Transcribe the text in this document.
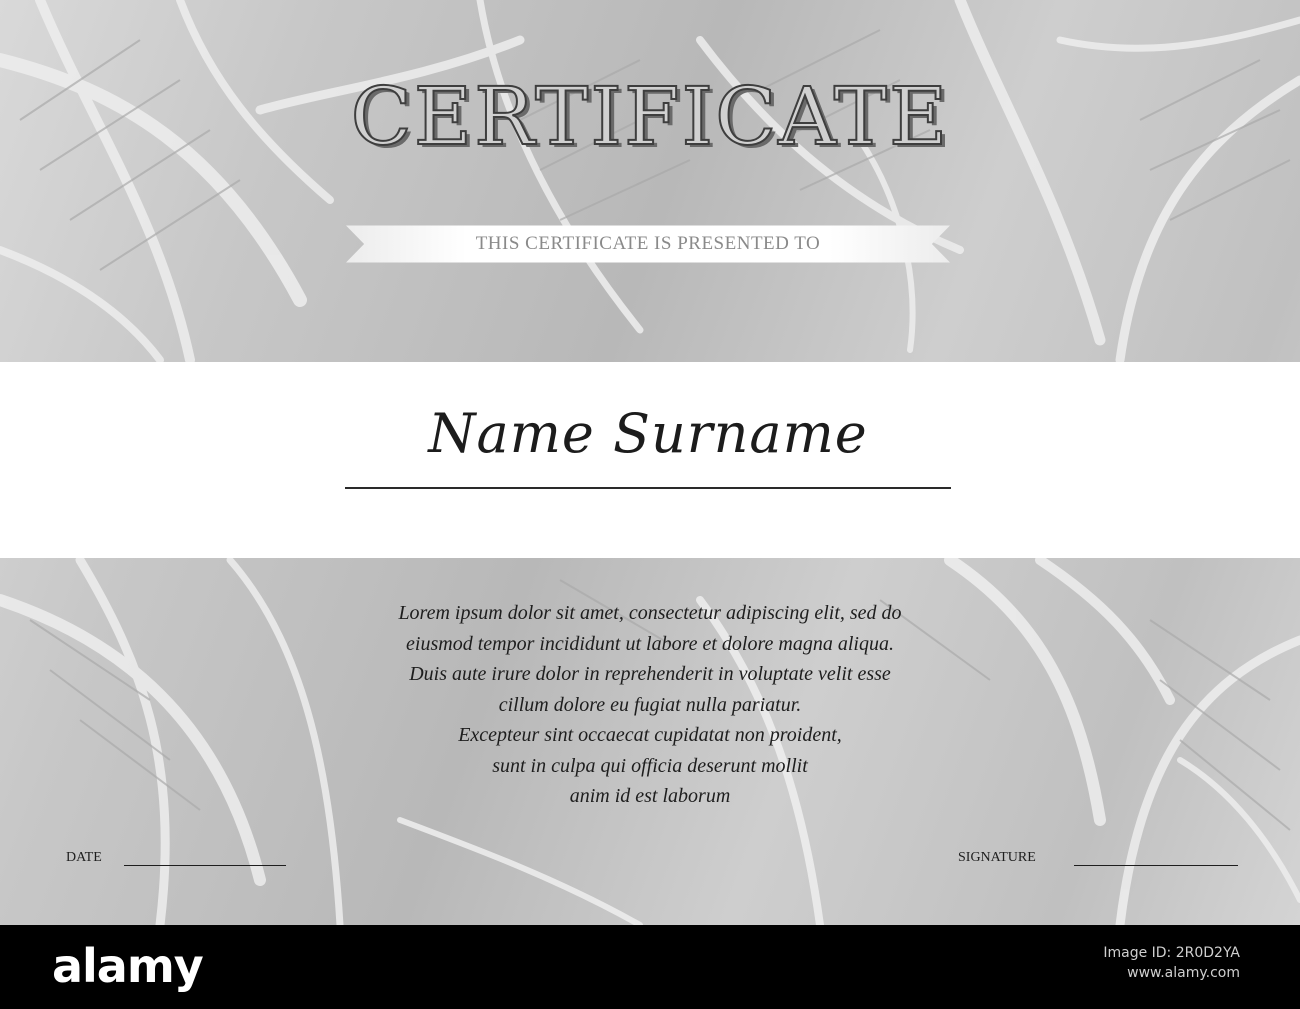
CERTIFICATE
THIS CERTIFICATE IS PRESENTED TO
Name Surname
Lorem ipsum dolor sit amet, consectetur adipiscing elit, sed do
eiusmod tempor incididunt ut labore et dolore magna aliqua.
Duis aute irure dolor in reprehenderit in voluptate velit esse
cillum dolore eu fugiat nulla pariatur.
Excepteur sint occaecat cupidatat non proident,
sunt in culpa qui officia deserunt mollit
anim id est laborum
DATE	SIGNATURE
alamy	Image ID: 2R0D2YA
www.alamy.com
